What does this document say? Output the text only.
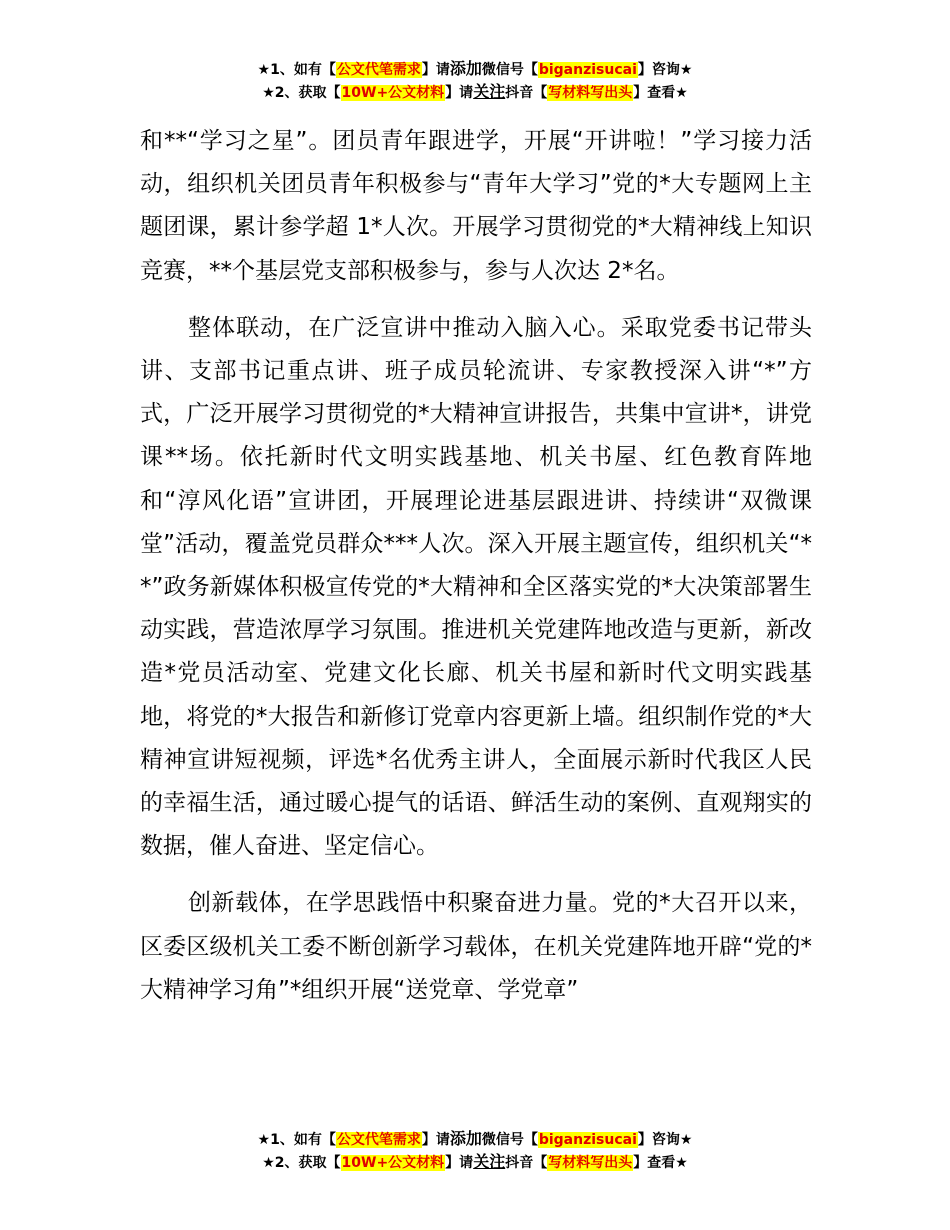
★1、如有【公文代笔需求】请添加微信号【biganzisucai】咨询★
★2、获取【10W+公文材料】请关注抖音【写材料写出头】查看★

和**“学习之星”。团员青年跟进学，开展“开讲啦！”学习接力活动，组织机关团员青年积极参与“青年大学习”党的*大专题网上主题团课，累计参学超 1*人次。开展学习贯彻党的*大精神线上知识竞赛，**个基层党支部积极参与，参与人次达 2*名。

整体联动，在广泛宣讲中推动入脑入心。采取党委书记带头讲、支部书记重点讲、班子成员轮流讲、专家教授深入讲“*”方式，广泛开展学习贯彻党的*大精神宣讲报告，共集中宣讲*，讲党课**场。依托新时代文明实践基地、机关书屋、红色教育阵地和“淳风化语”宣讲团，开展理论进基层跟进讲、持续讲“双微课堂”活动，覆盖党员群众***人次。深入开展主题宣传，组织机关“**”政务新媒体积极宣传党的*大精神和全区落实党的*大决策部署生动实践，营造浓厚学习氛围。推进机关党建阵地改造与更新，新改造*党员活动室、党建文化长廊、机关书屋和新时代文明实践基地，将党的*大报告和新修订党章内容更新上墙。组织制作党的*大精神宣讲短视频，评选*名优秀主讲人，全面展示新时代我区人民的幸福生活，通过暖心提气的话语、鲜活生动的案例、直观翔实的数据，催人奋进、坚定信心。

创新载体，在学思践悟中积聚奋进力量。党的*大召开以来，区委区级机关工委不断创新学习载体，在机关党建阵地开辟“党的*大精神学习角”*组织开展“送党章、学党章”

★1、如有【公文代笔需求】请添加微信号【biganzisucai】咨询★
★2、获取【10W+公文材料】请关注抖音【写材料写出头】查看★
